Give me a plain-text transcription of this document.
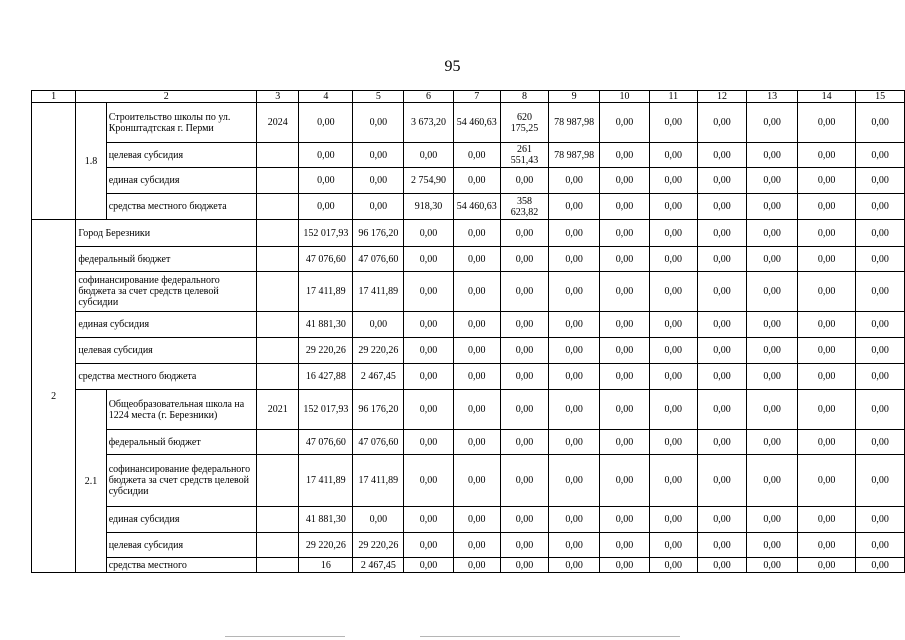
95
1	2		3	4	5	6	7	8	9	10	11	12	13	14	15
	1.8	Строительство школы по ул. Кронштадтская г. Перми	2024	0,00	0,00	3 673,20	54 460,63	620 175,25	78 987,98	0,00	0,00	0,00	0,00	0,00	0,00
		целевая субсидия		0,00	0,00	0,00	0,00	261 551,43	78 987,98	0,00	0,00	0,00	0,00	0,00	0,00
		единая субсидия		0,00	0,00	2 754,90	0,00	0,00	0,00	0,00	0,00	0,00	0,00	0,00	0,00
		средства местного бюджета		0,00	0,00	918,30	54 460,63	358 623,82	0,00	0,00	0,00	0,00	0,00	0,00	0,00
2	Город Березники			152 017,93	96 176,20	0,00	0,00	0,00	0,00	0,00	0,00	0,00	0,00	0,00	0,00
	федеральный бюджет			47 076,60	47 076,60	0,00	0,00	0,00	0,00	0,00	0,00	0,00	0,00	0,00	0,00
	софинансирование федерального бюджета за счет средств целевой субсидии			17 411,89	17 411,89	0,00	0,00	0,00	0,00	0,00	0,00	0,00	0,00	0,00	0,00
	единая субсидия			41 881,30	0,00	0,00	0,00	0,00	0,00	0,00	0,00	0,00	0,00	0,00	0,00
	целевая субсидия			29 220,26	29 220,26	0,00	0,00	0,00	0,00	0,00	0,00	0,00	0,00	0,00	0,00
	средства местного бюджета			16 427,88	2 467,45	0,00	0,00	0,00	0,00	0,00	0,00	0,00	0,00	0,00	0,00
	2.1	Общеобразовательная школа на 1224 места (г. Березники)	2021	152 017,93	96 176,20	0,00	0,00	0,00	0,00	0,00	0,00	0,00	0,00	0,00	0,00
		федеральный бюджет		47 076,60	47 076,60	0,00	0,00	0,00	0,00	0,00	0,00	0,00	0,00	0,00	0,00
		софинансирование федерального бюджета за счет средств целевой субсидии		17 411,89	17 411,89	0,00	0,00	0,00	0,00	0,00	0,00	0,00	0,00	0,00	0,00
		единая субсидия		41 881,30	0,00	0,00	0,00	0,00	0,00	0,00	0,00	0,00	0,00	0,00	0,00
		целевая субсидия		29 220,26	29 220,26	0,00	0,00	0,00	0,00	0,00	0,00	0,00	0,00	0,00	0,00
		средства местного		16	2 467,45	0,00	0,00	0,00	0,00	0,00	0,00	0,00	0,00	0,00	0,00
